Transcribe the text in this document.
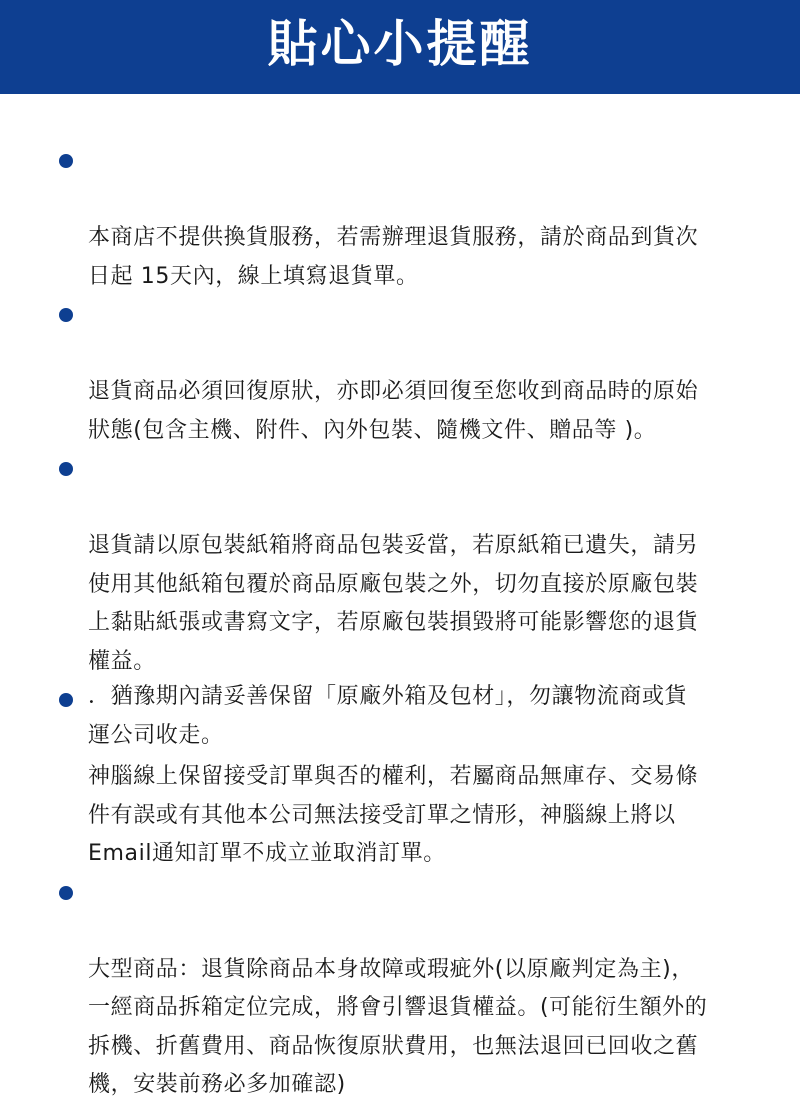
貼心小提醒

本商店不提供換貨服務，若需辦理退貨服務，請於商品到貨次
日起 15天內，線上填寫退貨單。

退貨商品必須回復原狀，亦即必須回復至您收到商品時的原始
狀態(包含主機、附件、內外包裝、隨機文件、贈品等 )。

退貨請以原包裝紙箱將商品包裝妥當，若原紙箱已遺失，請另
使用其他紙箱包覆於商品原廠包裝之外，切勿直接於原廠包裝
上黏貼紙張或書寫文字，若原廠包裝損毀將可能影響您的退貨
權益。

神腦線上保留接受訂單與否的權利，若屬商品無庫存、交易條
件有誤或有其他本公司無法接受訂單之情形，神腦線上將以
Email通知訂單不成立並取消訂單。

大型商品：退貨除商品本身故障或瑕疵外(以原廠判定為主)，
一經商品拆箱定位完成，將會引響退貨權益。(可能衍生額外的
拆機、折舊費用、商品恢復原狀費用，也無法退回已回收之舊
機，安裝前務必多加確認)

．猶豫期內請妥善保留「原廠外箱及包材」，勿讓物流商或貨
運公司收走。
